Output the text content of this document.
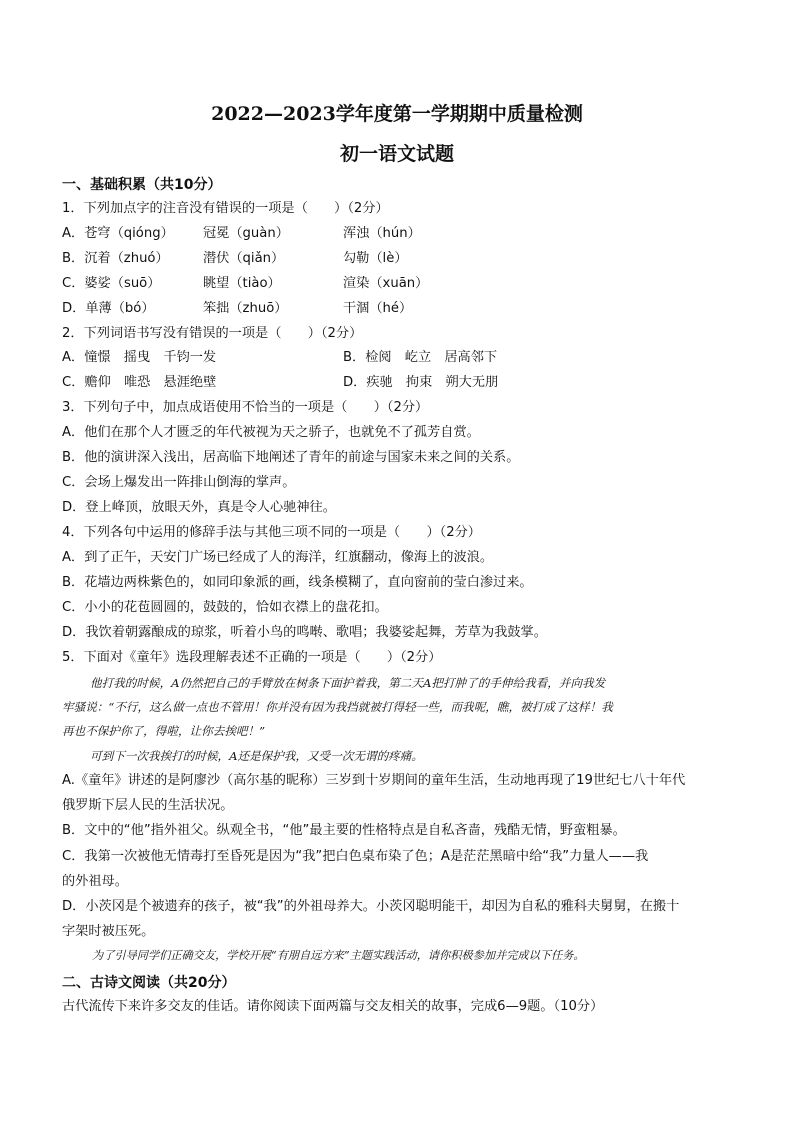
2022—2023学年度第一学期期中质量检测
初一语文试题
一、基础积累（共10分）
1．下列加点字的注音没有错误的一项是（　　）（2分）
A．苍穹（qióng） 冠冕（guàn）	浑浊（hún）
B．沉着（zhuó）	潜伏（qiǎn）	勾勒（lè）
C．婆娑（suō）	眺望（tiào）	渲染（xuān）
D．单薄（bó）	笨拙（zhuō）	干涸（hé）
2．下列词语书写没有错误的一项是（　　）（2分）
A．憧憬　摇曳　千钧一发	B．检阅　屹立　居高邻下
C．赡仰　唯恐　悬涯绝壁	D．疾驰　拘束　朔大无朋
3．下列句子中，加点成语使用不恰当的一项是（　　）（2分）
A．他们在那个人才匮乏的年代被视为天之骄子，也就免不了孤芳自赏。
B．他的演讲深入浅出，居高临下地阐述了青年的前途与国家未来之间的关系。
C．会场上爆发出一阵排山倒海的掌声。
D．登上峰顶，放眼天外，真是令人心驰神往。
4．下列各句中运用的修辞手法与其他三项不同的一项是（　　）（2分）
A．到了正午，天安门广场已经成了人的海洋，红旗翻动，像海上的波浪。
B．花墙边两株紫色的，如同印象派的画，线条模糊了，直向窗前的莹白渗过来。
C．小小的花苞圆圆的，鼓鼓的，恰如衣襟上的盘花扣。
D．我饮着朝露酿成的琼浆，听着小鸟的鸣啭、歌唱；我婆娑起舞，芳草为我鼓掌。
5．下面对《童年》选段理解表述不正确的一项是（　　）（2分）
他打我的时候，A仍然把自己的手臂放在树条下面护着我，第二天A把打肿了的手伸给我看，并向我发
牢骚说：“不行，这么做一点也不管用！你并没有因为我挡就被打得轻一些，而我呢，瞧，被打成了这样！我
再也不保护你了，得啦，让你去挨吧！”
可到下一次我挨打的时候，A还是保护我，又受一次无谓的疼痛。
A.《童年》讲述的是阿廖沙（高尔基的昵称）三岁到十岁期间的童年生活，生动地再现了19世纪七八十年代
俄罗斯下层人民的生活状况。
B．文中的“他”指外祖父。纵观全书，“他”最主要的性格特点是自私吝啬，残酷无情，野蛮粗暴。
C．我第一次被他无情毒打至昏死是因为“我”把白色桌布染了色；A是茫茫黑暗中给“我”力量人——我
的外祖母。
D．小茨冈是个被遗弃的孩子，被“我”的外祖母养大。小茨冈聪明能干，却因为自私的雅科夫舅舅，在搬十
字架时被压死。
为了引导同学们正确交友，学校开展“有朋自远方来”主题实践活动，请你积极参加并完成以下任务。
二、古诗文阅读（共20分）
古代流传下来许多交友的佳话。请你阅读下面两篇与交友相关的故事，完成6—9题。（10分）
